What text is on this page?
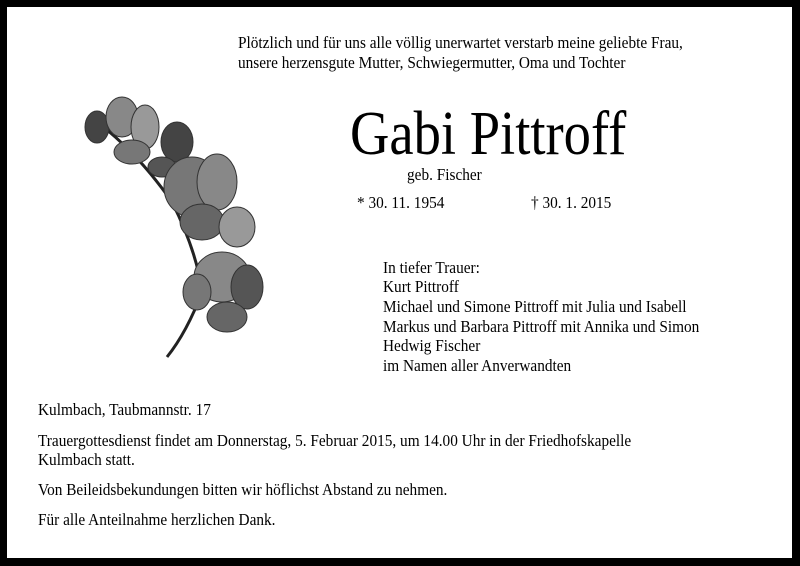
Plötzlich und für uns alle völlig unerwartet verstarb meine geliebte Frau,
unsere herzensgute Mutter, Schwiegermutter, Oma und Tochter
Gabi Pittroff
geb. Fischer
* 30. 11. 1954	† 30. 1. 2015
In tiefer Trauer:
Kurt Pittroff
Michael und Simone Pittroff mit Julia und Isabell
Markus und Barbara Pittroff mit Annika und Simon
Hedwig Fischer
im Namen aller Anverwandten
Kulmbach, Taubmannstr. 17
Trauergottesdienst findet am Donnerstag, 5. Februar 2015, um 14.00 Uhr in der Friedhofskapelle
Kulmbach statt.
Von Beileidsbekundungen bitten wir höflichst Abstand zu nehmen.
Für alle Anteilnahme herzlichen Dank.
